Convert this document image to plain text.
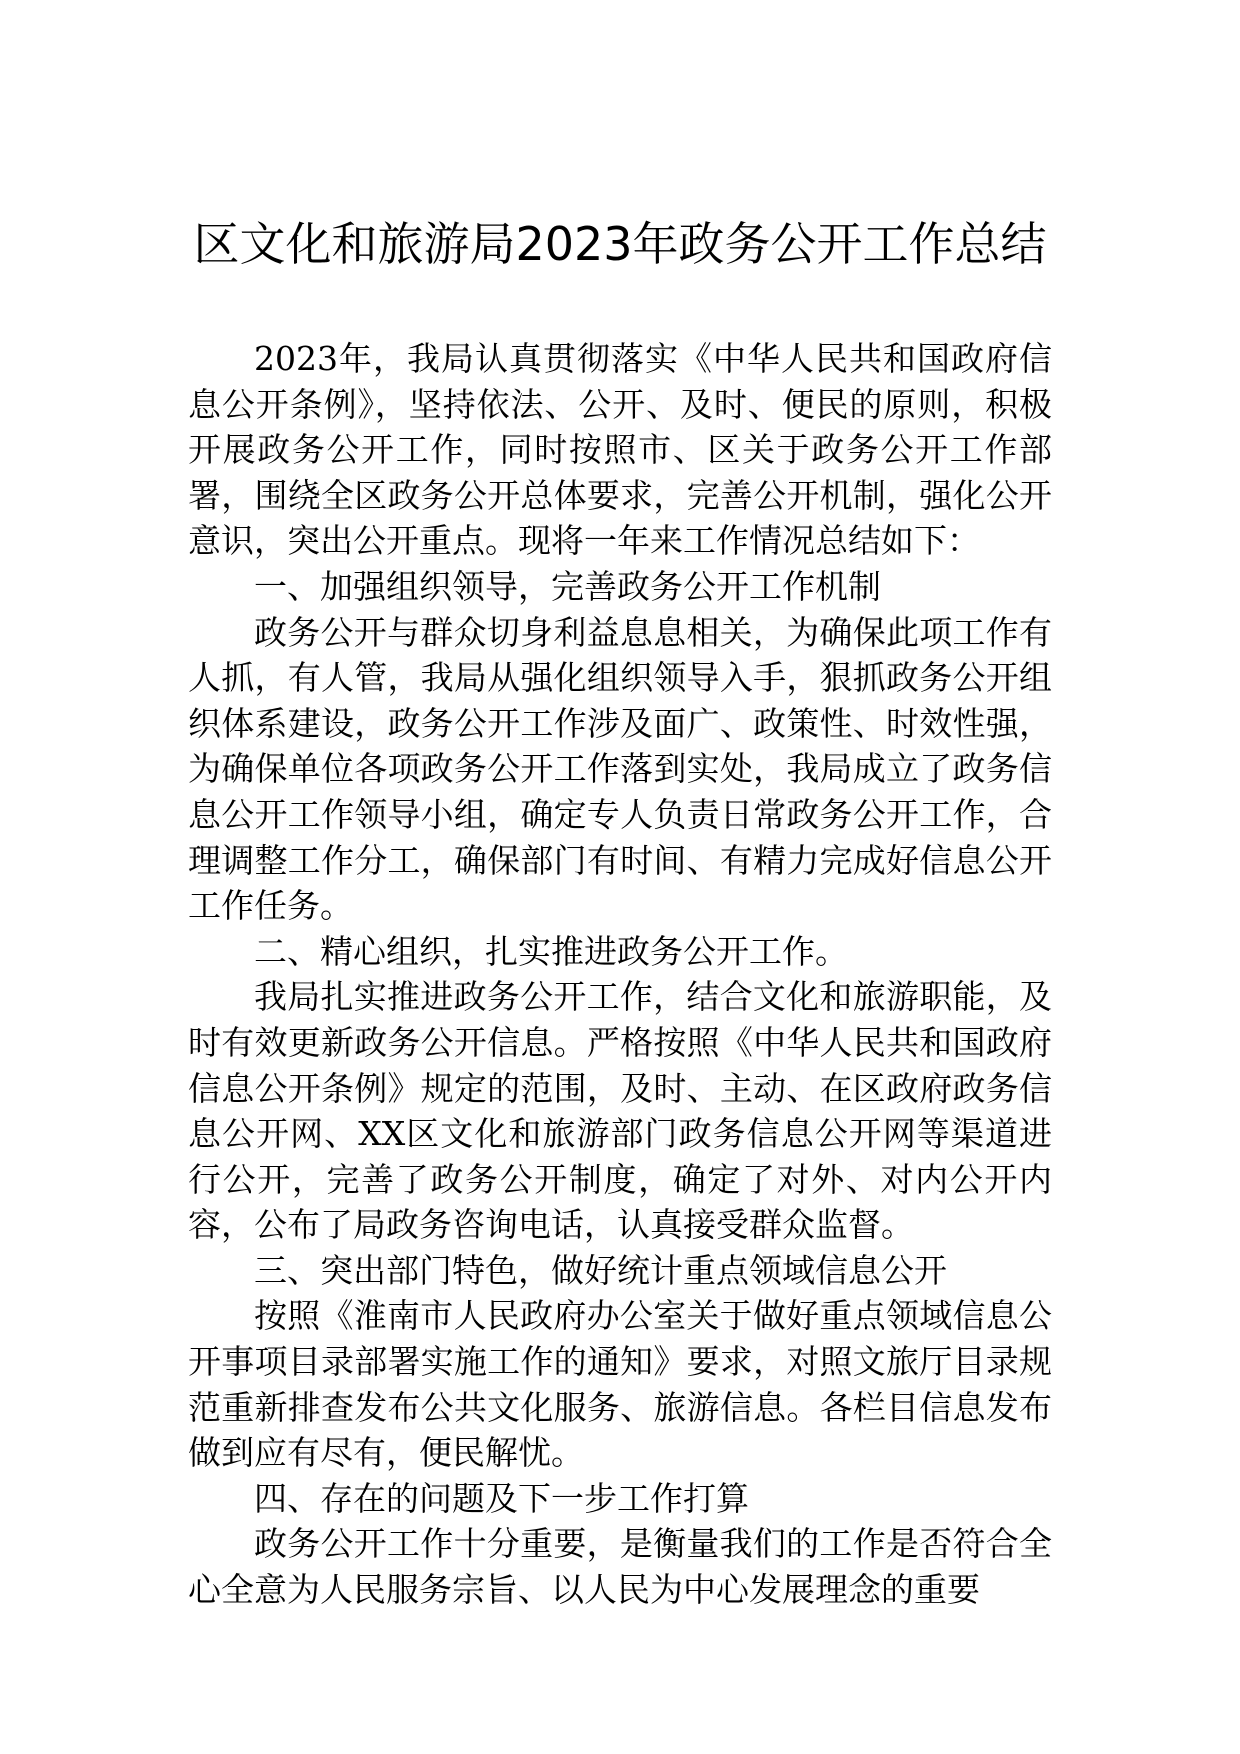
区文化和旅游局2023年政务公开工作总结

2023年，我局认真贯彻落实《中华人民共和国政府信息公开条例》，坚持依法、公开、及时、便民的原则，积极开展政务公开工作，同时按照市、区关于政务公开工作部署，围绕全区政务公开总体要求，完善公开机制，强化公开意识，突出公开重点。现将一年来工作情况总结如下：

一、加强组织领导，完善政务公开工作机制

政务公开与群众切身利益息息相关，为确保此项工作有人抓，有人管，我局从强化组织领导入手，狠抓政务公开组织体系建设，政务公开工作涉及面广、政策性、时效性强，为确保单位各项政务公开工作落到实处，我局成立了政务信息公开工作领导小组，确定专人负责日常政务公开工作，合理调整工作分工，确保部门有时间、有精力完成好信息公开工作任务。

二、精心组织，扎实推进政务公开工作。

我局扎实推进政务公开工作，结合文化和旅游职能，及时有效更新政务公开信息。严格按照《中华人民共和国政府信息公开条例》规定的范围，及时、主动、在区政府政务信息公开网、XX区文化和旅游部门政务信息公开网等渠道进行公开，完善了政务公开制度，确定了对外、对内公开内容，公布了局政务咨询电话，认真接受群众监督。

三、突出部门特色，做好统计重点领域信息公开

按照《淮南市人民政府办公室关于做好重点领域信息公开事项目录部署实施工作的通知》要求，对照文旅厅目录规范重新排查发布公共文化服务、旅游信息。各栏目信息发布做到应有尽有，便民解忧。

四、存在的问题及下一步工作打算

政务公开工作十分重要，是衡量我们的工作是否符合全心全意为人民服务宗旨、以人民为中心发展理念的重要
